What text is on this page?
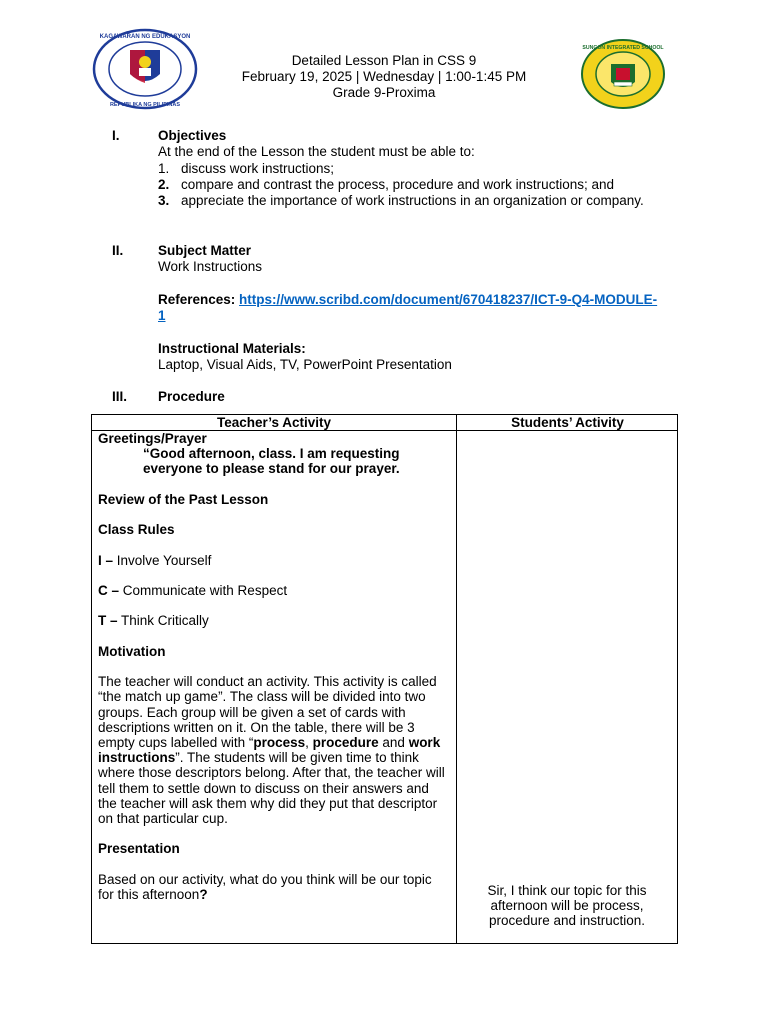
KAGAWARAN NG EDUKASYON
REPUBLIKA NG PILIPINAS
Detailed Lesson Plan in CSS 9
February 19, 2025 | Wednesday | 1:00-1:45 PM
Grade 9-Proxima
SUNGON INTEGRATED SCHOOL
I.	Objectives
At the end of the Lesson the student must be able to:
1. discuss work instructions;
2. compare and contrast the process, procedure and work instructions; and
3. appreciate the importance of work instructions in an organization or company.
II.	Subject Matter
Work Instructions
References: https://www.scribd.com/document/670418237/ICT-9-Q4-MODULE-1
Instructional Materials:
Laptop, Visual Aids, TV, PowerPoint Presentation
III. Procedure
Teacher’s Activity	Students’ Activity

Greetings/Prayer

“Good afternoon, class. I am requesting everyone to please stand for our prayer.

Review of the Past Lesson

Class Rules

I – Involve Yourself

C – Communicate with Respect

T – Think Critically

Motivation

The teacher will conduct an activity. This activity is called “the match up game”. The class will be divided into two groups. Each group will be given a set of cards with descriptions written on it. On the table, there will be 3 empty cups labelled with “process, procedure and work instructions”. The students will be given time to think where those descriptors belong. After that, the teacher will tell them to settle down to discuss on their answers and the teacher will ask them why did they put that descriptor on that particular cup.

Presentation

Based on our activity, what do you think will be our topic for this afternoon?	Sir, I think our topic for this afternoon will be process, procedure and instruction.
